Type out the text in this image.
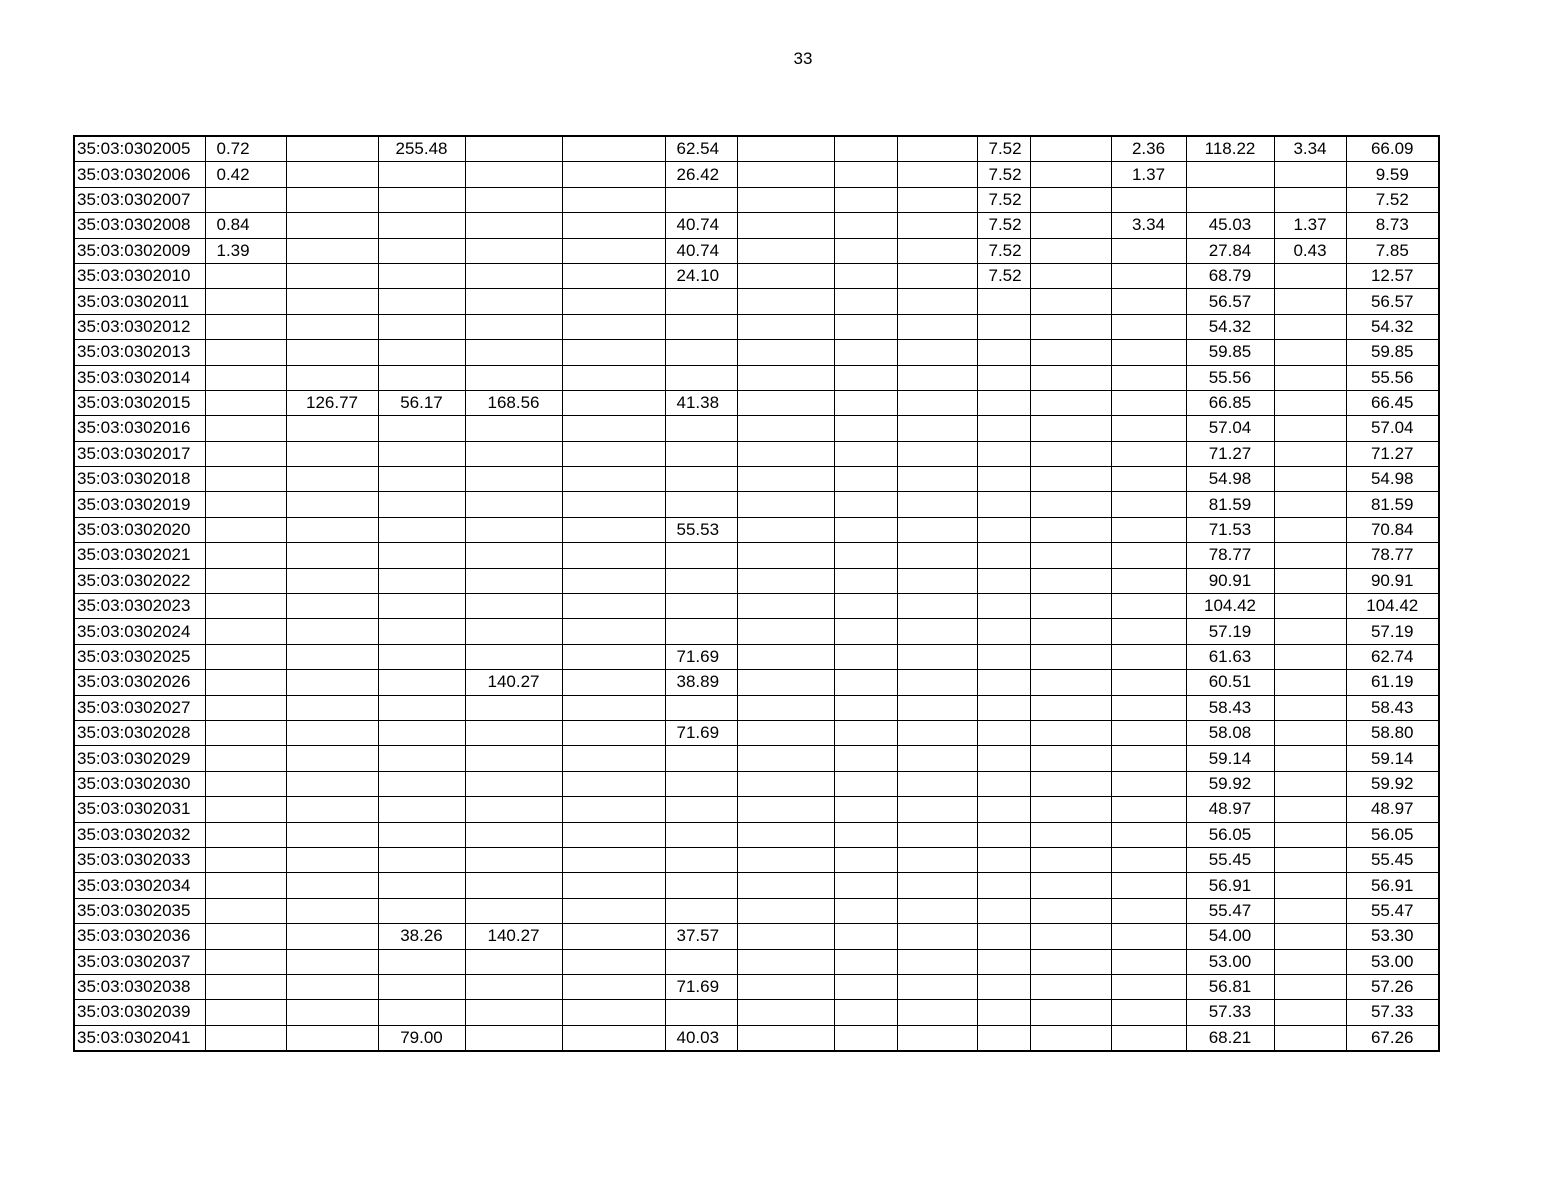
33
35:03:0302005	0.72		255.48			62.54				7.52		2.36	118.22	3.34	66.09
35:03:0302006	0.42					26.42				7.52		1.37			9.59
35:03:0302007										7.52					7.52
35:03:0302008	0.84					40.74				7.52		3.34	45.03	1.37	8.73
35:03:0302009	1.39					40.74				7.52			27.84	0.43	7.85
35:03:0302010						24.10				7.52			68.79		12.57
35:03:0302011													56.57		56.57
35:03:0302012													54.32		54.32
35:03:0302013													59.85		59.85
35:03:0302014													55.56		55.56
35:03:0302015		126.77	56.17	168.56		41.38							66.85		66.45
35:03:0302016													57.04		57.04
35:03:0302017													71.27		71.27
35:03:0302018													54.98		54.98
35:03:0302019													81.59		81.59
35:03:0302020						55.53							71.53		70.84
35:03:0302021													78.77		78.77
35:03:0302022													90.91		90.91
35:03:0302023													104.42		104.42
35:03:0302024													57.19		57.19
35:03:0302025						71.69							61.63		62.74
35:03:0302026				140.27		38.89							60.51		61.19
35:03:0302027													58.43		58.43
35:03:0302028						71.69							58.08		58.80
35:03:0302029													59.14		59.14
35:03:0302030													59.92		59.92
35:03:0302031													48.97		48.97
35:03:0302032													56.05		56.05
35:03:0302033													55.45		55.45
35:03:0302034													56.91		56.91
35:03:0302035													55.47		55.47
35:03:0302036			38.26	140.27		37.57							54.00		53.30
35:03:0302037													53.00		53.00
35:03:0302038						71.69							56.81		57.26
35:03:0302039													57.33		57.33
35:03:0302041			79.00			40.03							68.21		67.26
